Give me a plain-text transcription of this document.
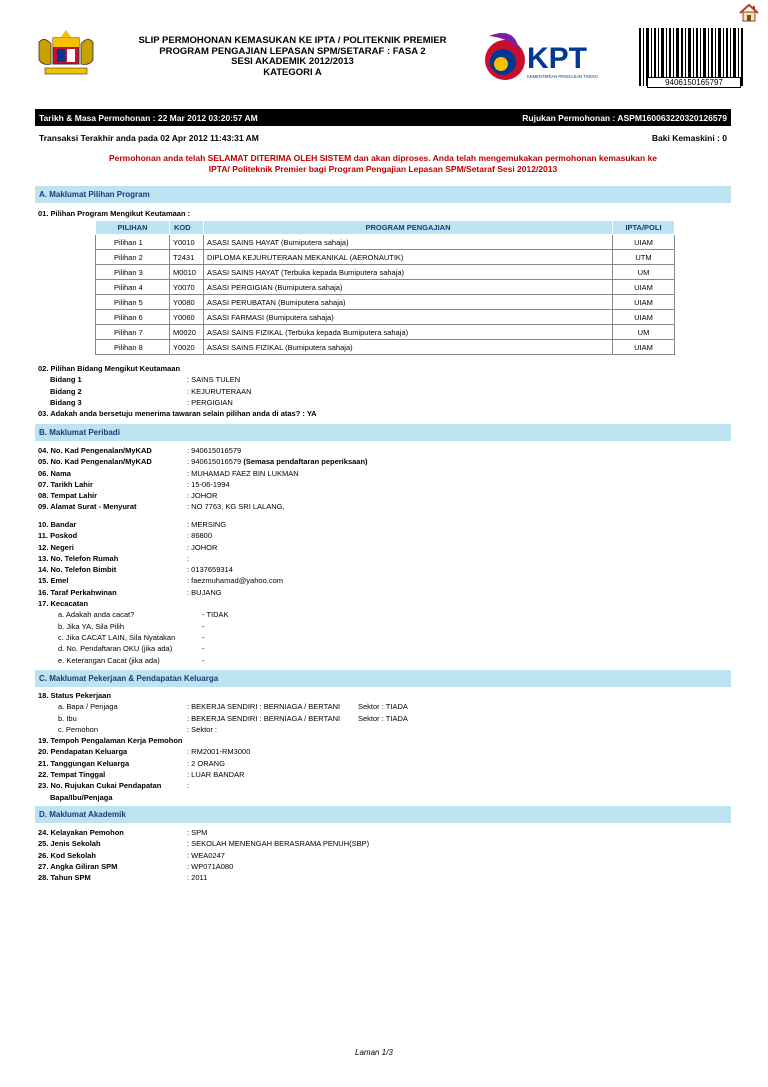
SLIP PERMOHONAN KEMASUKAN KE IPTA / POLITEKNIK PREMIER
PROGRAM PENGAJIAN LEPASAN SPM/SETARAF : FASA 2
SESI AKADEMIK 2012/2013
KATEGORI A	KPT
KEMENTERIAN PENGAJIAN TINGGI
9406150165797
Tarikh & Masa Permohonan : 22 Mar 2012 03:20:57 AM	Rujukan Permohonan : ASPM160063220320126579
Transaksi Terakhir anda pada 02 Apr 2012 11:43:31 AM	Baki Kemaskini : 0
Permohonan anda telah SELAMAT DITERIMA OLEH SISTEM dan akan diproses. Anda telah mengemukakan permohonan kemasukan ke
IPTA/ Politeknik Premier bagi Program Pengajian Lepasan SPM/Setaraf Sesi 2012/2013
A. Maklumat Pilihan Program
01. Pilihan Program Mengikut Keutamaan :
PILIHAN	KOD	PROGRAM PENGAJIAN	IPTA/POLI
Pilihan 1	Y0010	ASASI SAINS HAYAT (Bumiputera sahaja)	UIAM
Pilihan 2	T2431	DIPLOMA KEJURUTERAAN MEKANIKAL (AERONAUTIK)	UTM
Pilihan 3	M0010	ASASI SAINS HAYAT (Terbuka kepada Bumiputera sahaja)	UM
Pilihan 4	Y0070	ASASI PERGIGIAN (Bumiputera sahaja)	UIAM
Pilihan 5	Y0080	ASASI PERUBATAN (Bumiputera sahaja)	UIAM
Pilihan 6	Y0060	ASASI FARMASI (Bumiputera sahaja)	UIAM
Pilihan 7	M0020	ASASI SAINS FIZIKAL (Terbuka kepada Bumiputera sahaja)	UM
Pilihan 8	Y0020	ASASI SAINS FIZIKAL (Bumiputera sahaja)	UIAM
02. Pilihan Bidang Mengikut Keutamaan
Bidang 1	: SAINS TULEN
Bidang 2	: KEJURUTERAAN
Bidang 3	: PERGIGIAN
03. Adakah anda bersetuju menerima tawaran selain pilihan anda di atas? : YA
B. Maklumat Peribadi
04. No. Kad Pengenalan/MyKAD	: 940615016579
05. No. Kad Pengenalan/MyKAD	: 940615016579 (Semasa pendaftaran peperiksaan)
06. Nama	: MUHAMAD FAEZ BIN LUKMAN
07. Tarikh Lahir	: 15-06-1994
08. Tempat Lahir	: JOHOR
09. Alamat Surat - Menyurat	: NO 7763, KG SRI LALANG,
10. Bandar	: MERSING
11. Poskod	: 86800
12. Negeri	: JOHOR
13. No. Telefon Rumah	:
14. No. Telefon Bimbit	: 0137659314
15. Emel	: faezmuhamad@yahoo.com
16. Taraf Perkahwinan	: BUJANG
17. Kecacatan
a. Adakah anda cacat?	- TIDAK
b. Jika YA, Sila Pilih	-
c. Jika CACAT LAIN, Sila Nyatakan	-
d. No. Pendaftaran OKU (jika ada)	-
e. Keterangan Cacat (jika ada)	-
C. Maklumat Pekerjaan & Pendapatan Keluarga
18. Status Pekerjaan
a. Bapa / Penjaga	: BEKERJA SENDIRI : BERNIAGA / BERTANI Sektor : TIADA
b. Ibu	: BEKERJA SENDIRI : BERNIAGA / BERTANI Sektor : TIADA
c. Pemohon	: Sektor :
19. Tempoh Pengalaman Kerja Pemohon
20. Pendapatan Keluarga	: RM2001-RM3000
21. Tanggungan Keluarga	: 2 ORANG
22. Tempat Tinggal	: LUAR BANDAR
23. No. Rujukan Cukai Pendapatan	:
Bapa/Ibu/Penjaga
D. Maklumat Akademik
24. Kelayakan Pemohon	: SPM
25. Jenis Sekolah	: SEKOLAH MENENGAH BERASRAMA PENUH(SBP)
26. Kod Sekolah	: WEA0247
27. Angka Giliran SPM	: WP071A080
28. Tahun SPM	: 2011
Laman 1/3
